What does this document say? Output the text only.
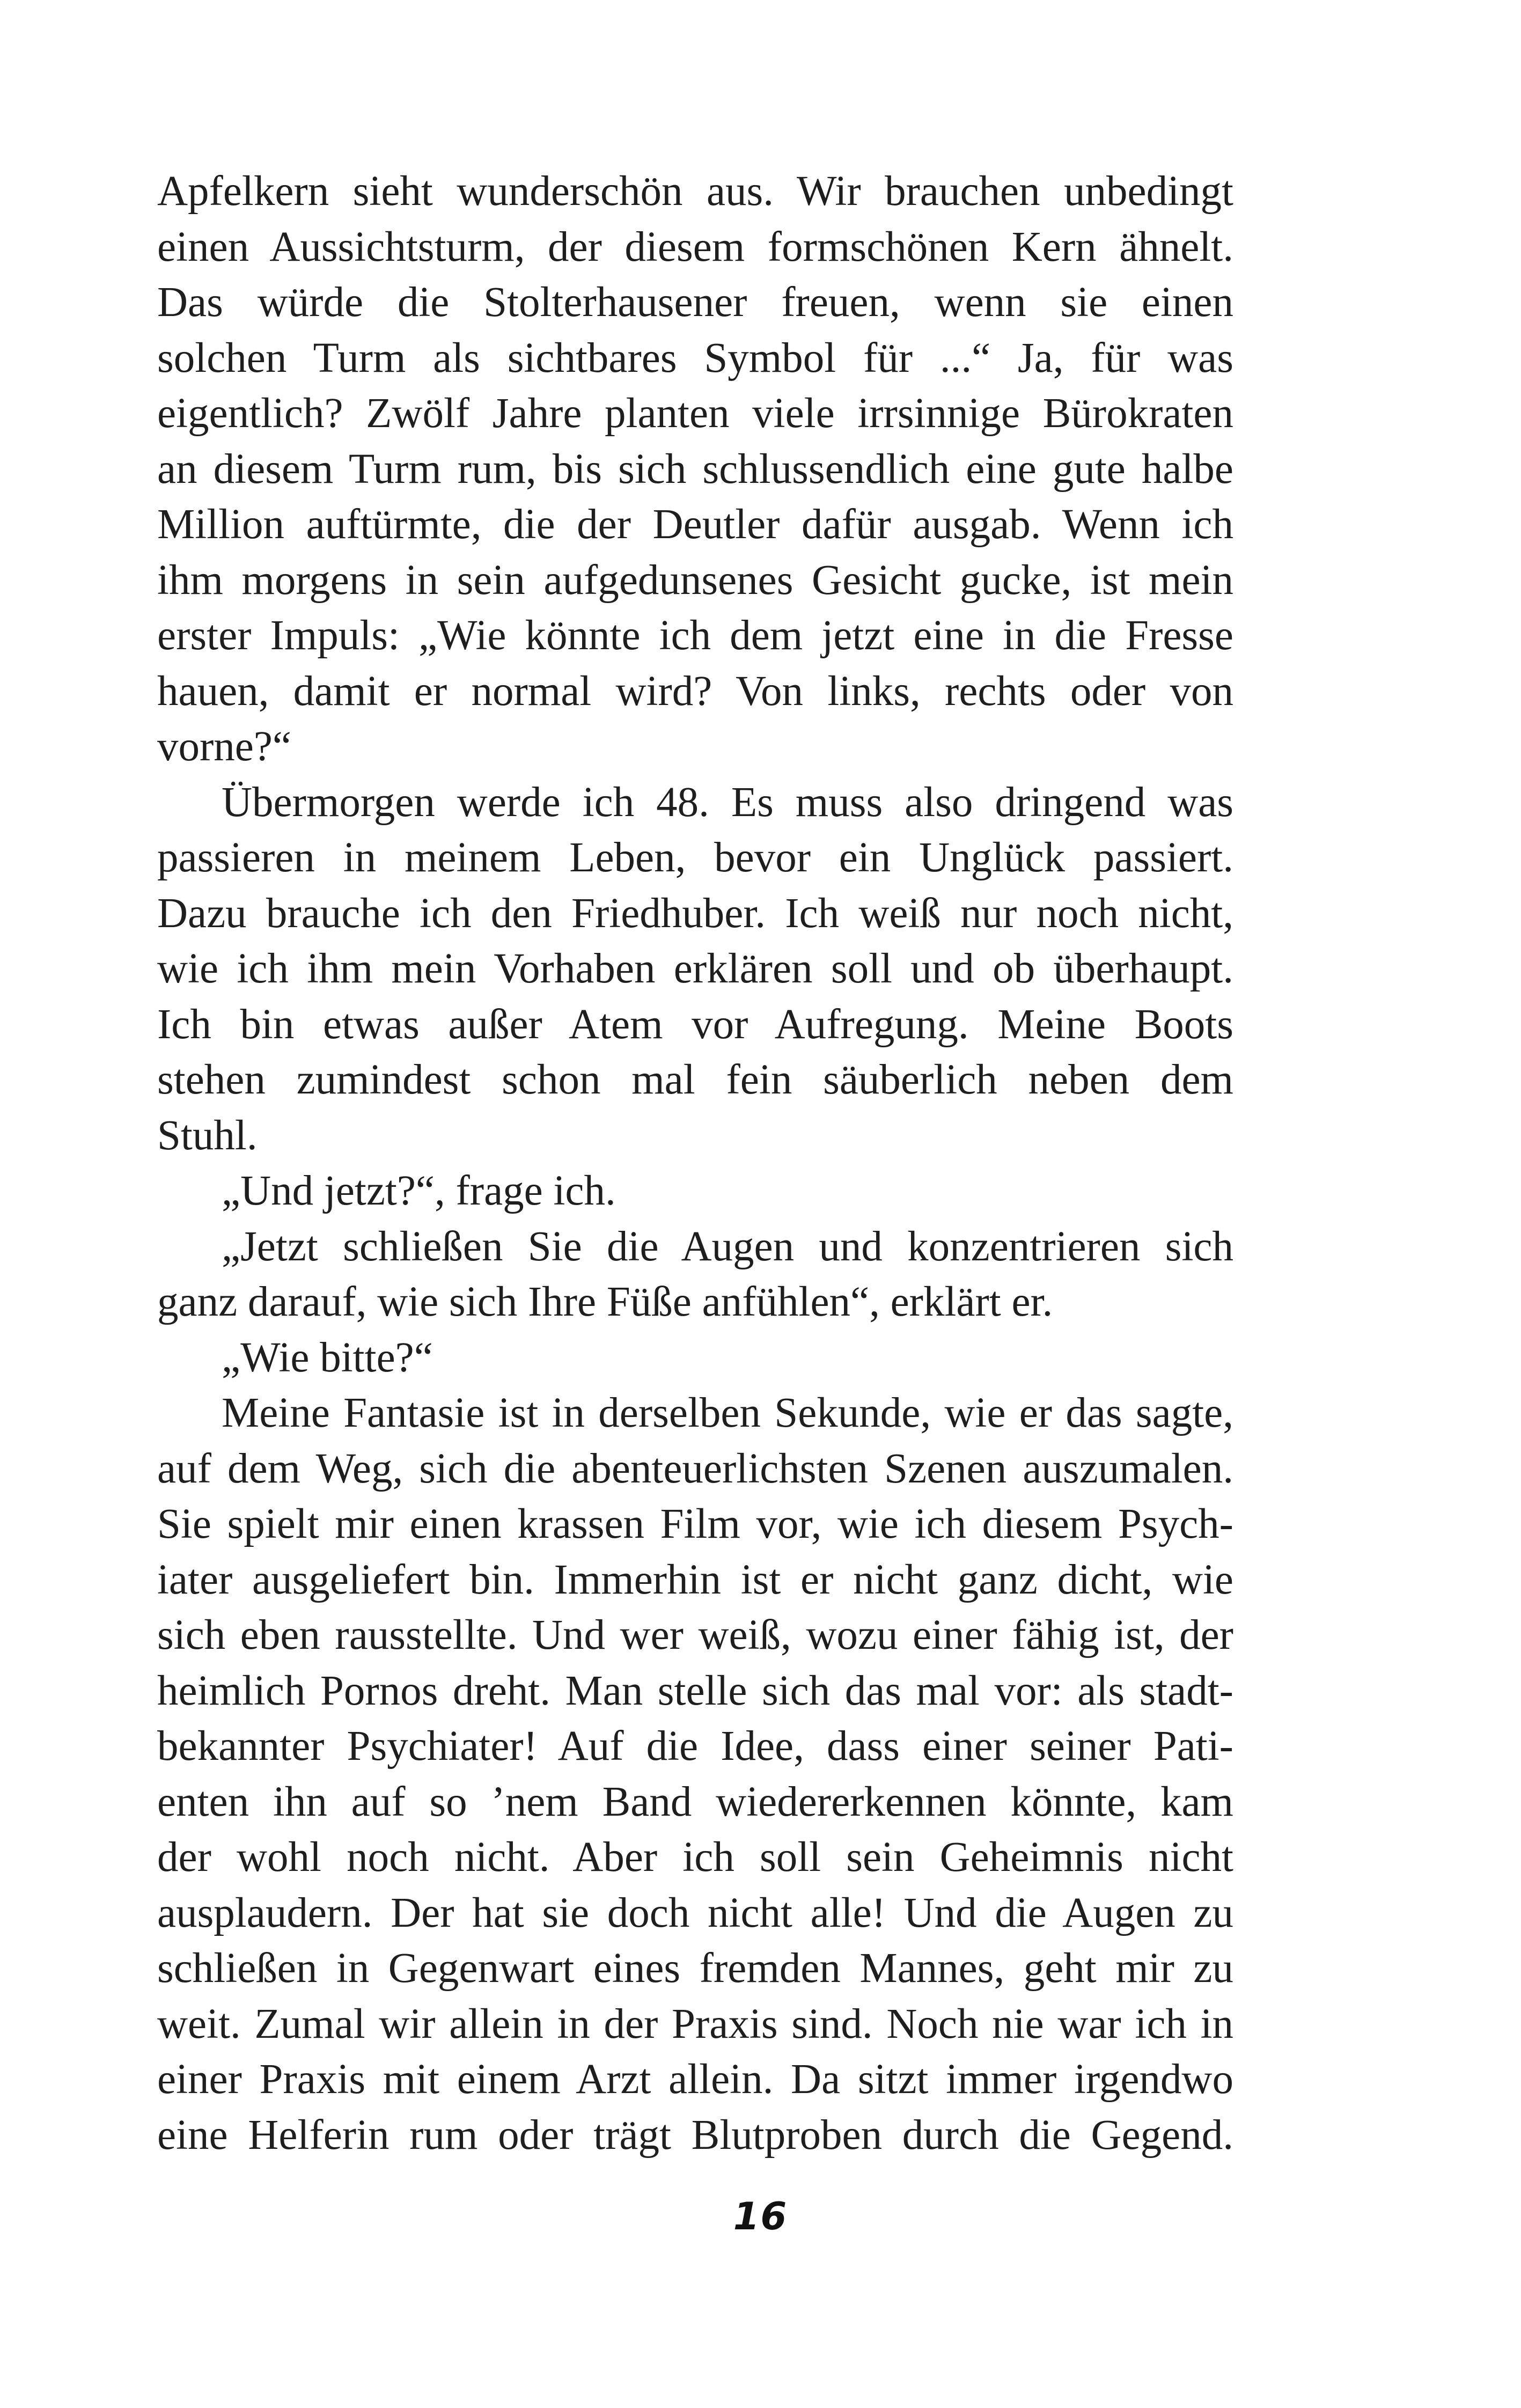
Apfelkern sieht wunderschön aus. Wir brauchen unbedingt
einen Aussichtsturm, der diesem formschönen Kern ähnelt.
Das würde die Stolterhausener freuen, wenn sie einen
solchen Turm als sichtbares Symbol für ...“ Ja, für was
eigentlich? Zwölf Jahre planten viele irrsinnige Bürokraten
an diesem Turm rum, bis sich schlussendlich eine gute halbe
Million auftürmte, die der Deutler dafür ausgab. Wenn ich
ihm morgens in sein aufgedunsenes Gesicht gucke, ist mein
erster Impuls: „Wie könnte ich dem jetzt eine in die Fresse
hauen, damit er normal wird? Von links, rechts oder von
vorne?“
Übermorgen werde ich 48. Es muss also dringend was
passieren in meinem Leben, bevor ein Unglück passiert.
Dazu brauche ich den Friedhuber. Ich weiß nur noch nicht,
wie ich ihm mein Vorhaben erklären soll und ob überhaupt.
Ich bin etwas außer Atem vor Aufregung. Meine Boots
stehen zumindest schon mal fein säuberlich neben dem
Stuhl.
„Und jetzt?“, frage ich.
„Jetzt schließen Sie die Augen und konzentrieren sich
ganz darauf, wie sich Ihre Füße anfühlen“, erklärt er.
„Wie bitte?“
Meine Fantasie ist in derselben Sekunde, wie er das sagte,
auf dem Weg, sich die abenteuerlichsten Szenen auszumalen.
Sie spielt mir einen krassen Film vor, wie ich diesem Psych-
iater ausgeliefert bin. Immerhin ist er nicht ganz dicht, wie
sich eben rausstellte. Und wer weiß, wozu einer fähig ist, der
heimlich Pornos dreht. Man stelle sich das mal vor: als stadt-
bekannter Psychiater! Auf die Idee, dass einer seiner Pati-
enten ihn auf so ’nem Band wiedererkennen könnte, kam
der wohl noch nicht. Aber ich soll sein Geheimnis nicht
ausplaudern. Der hat sie doch nicht alle! Und die Augen zu
schließen in Gegenwart eines fremden Mannes, geht mir zu
weit. Zumal wir allein in der Praxis sind. Noch nie war ich in
einer Praxis mit einem Arzt allein. Da sitzt immer irgendwo
eine Helferin rum oder trägt Blutproben durch die Gegend.
16
